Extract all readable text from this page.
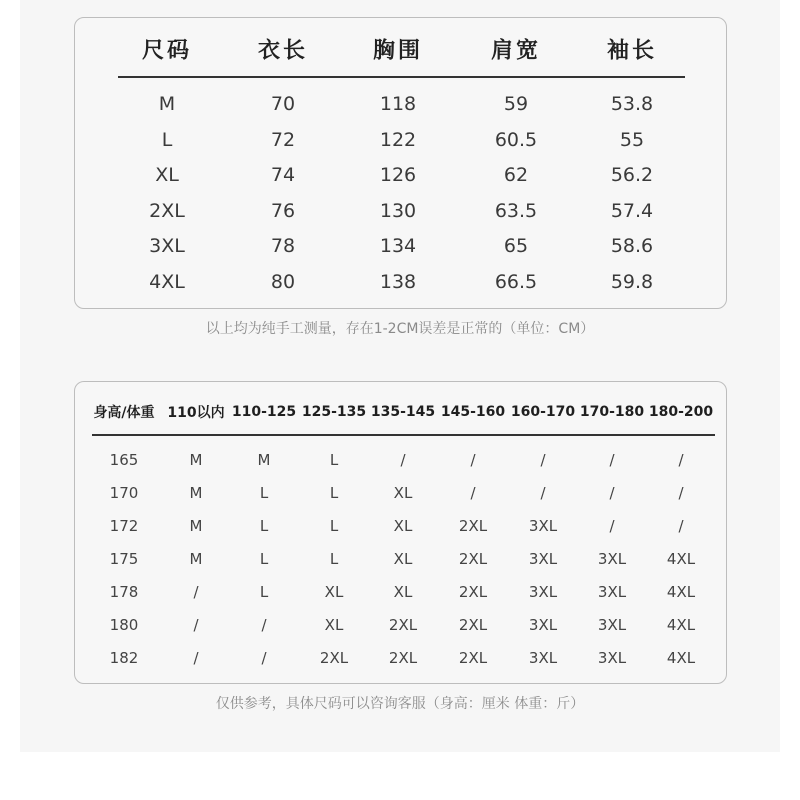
尺码	衣长	胸围	肩宽	袖长
M	70	118	59	53.8
L	72	122	60.5	55
XL	74	126	62	56.2
2XL	76	130	63.5	57.4
3XL	78	134	65	58.6
4XL	80	138	66.5	59.8
以上均为纯手工测量，存在1-2CM误差是正常的（单位：CM）
身高/体重 110以内 110-125 125-135 135-145 145-160 160-170 170-180 180-200
165	M	M	L	/	/	/	/	/
170	M	L	L	XL	/	/	/	/
172	M	L	L	XL	2XL	3XL	/	/
175	M	L	L	XL	2XL	3XL	3XL	4XL
178	/	L	XL	XL	2XL	3XL	3XL	4XL
180	/	/	XL	2XL	2XL	3XL	3XL	4XL
182	/	/	2XL	2XL	2XL	3XL	3XL	4XL
仅供参考，具体尺码可以咨询客服（身高：厘米 体重：斤）
